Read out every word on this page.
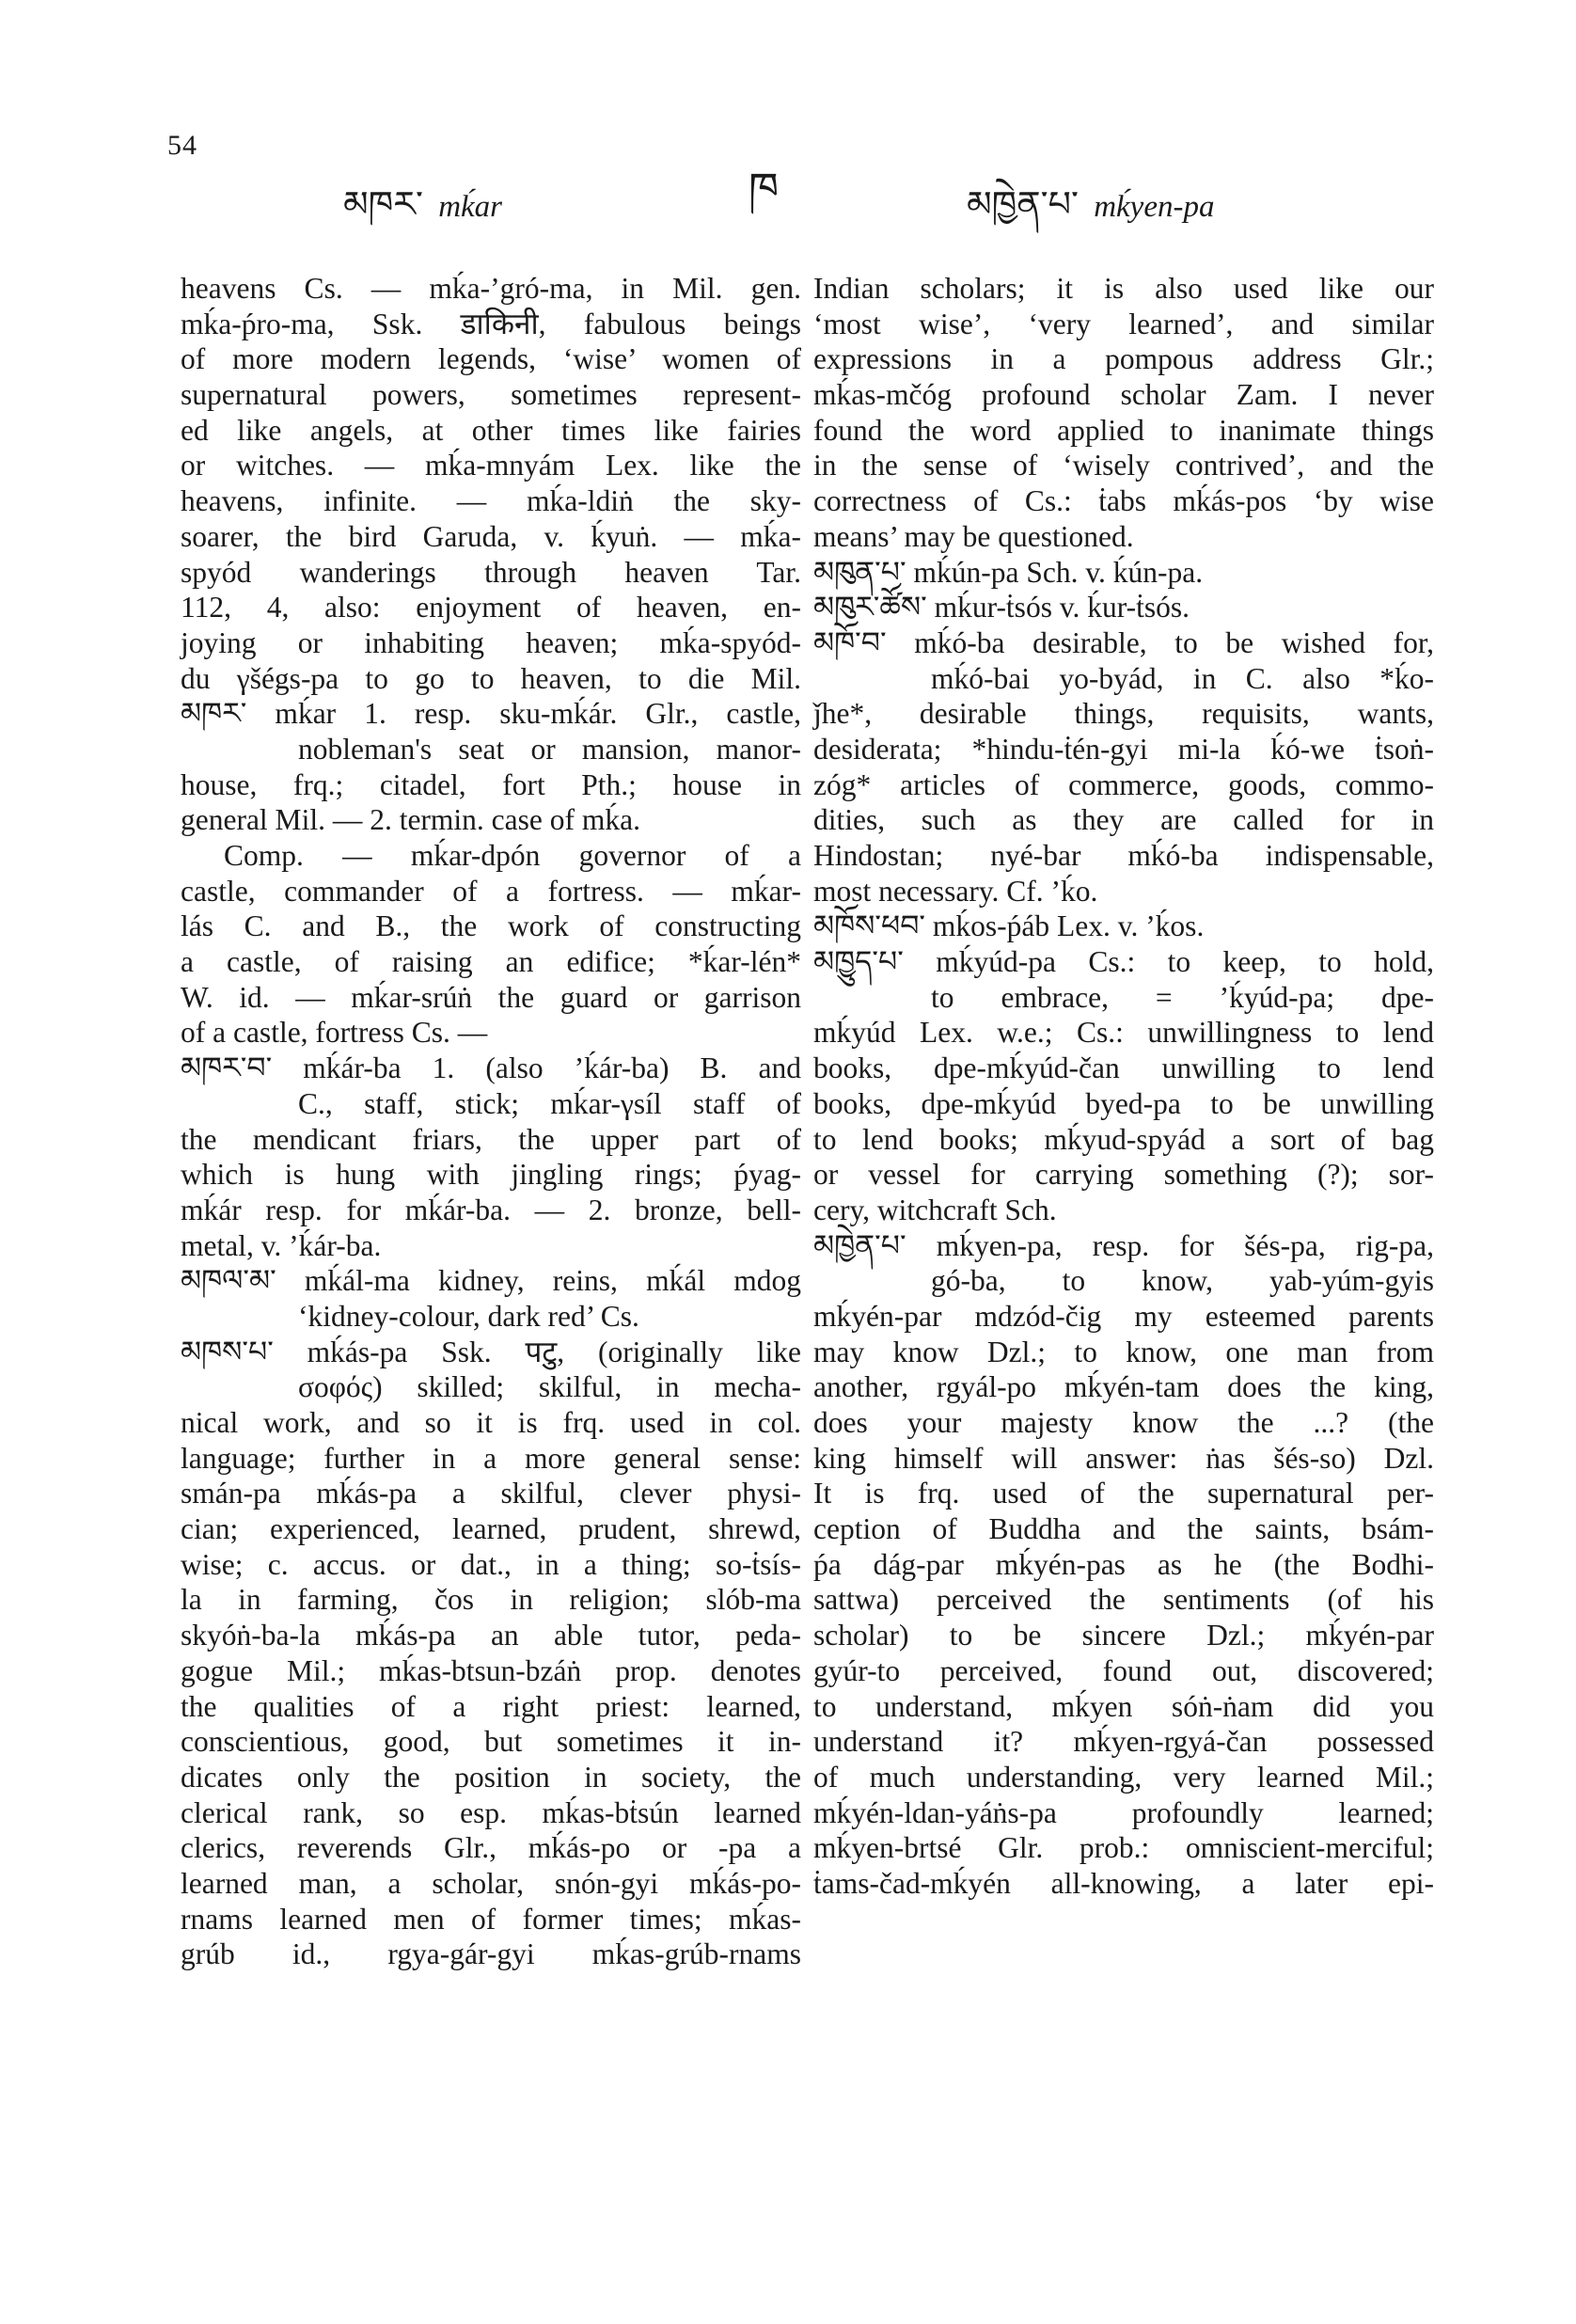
54
མཁར་ mḱar	ཁ	མཁྱེན་པ་ mḱyen-pa
heavens Cs. — mḱa-ʼgró-ma, in Mil. gen.
mḱa-ṕro-ma, Ssk. डाकिनी, fabulous beings
of more modern legends, ‘wise’ women of
supernatural powers, sometimes represent-
ed like angels, at other times like fairies
or witches. — mḱa-mnyám Lex. like the
heavens, infinite. — mḱa-ldiṅ the sky-
soarer, the bird Garuda, v. ḱyuṅ. — mḱa-
spyód wanderings through heaven Tar.
112, 4, also: enjoyment of heaven, en-
joying or inhabiting heaven; mḱa-spyód-
du γšégs-pa to go to heaven, to die Mil.
མཁར་ mḱar 1. resp. sku-mḱár. Glr., castle,
nobleman's seat or mansion, manor-
house, frq.; citadel, fort Pth.; house in
general Mil. — 2. termin. case of mḱa.
Comp. — mḱar-dpón governor of a
castle, commander of a fortress. — mḱar-
lás C. and B., the work of constructing
a castle, of raising an edifice; *ḱar-lén*
W. id. — mḱar-srúṅ the guard or garrison
of a castle, fortress Cs. —
མཁར་བ་ mḱár-ba 1. (also ʼḱár-ba) B. and
C., staff, stick; mḱar-γsíl staff of
the mendicant friars, the upper part of
which is hung with jingling rings; ṕyag-
mḱár resp. for mḱár-ba. — 2. bronze, bell-
metal, v. ʼḱár-ba.
མཁལ་མ་ mḱál-ma kidney, reins, mḱál mdog
‘kidney-colour, dark red’ Cs.
མཁས་པ་ mḱás-pa Ssk. पटु, (originally like
σοφός) skilled; skilful, in mecha-
nical work, and so it is frq. used in col.
language; further in a more general sense:
smán-pa mḱás-pa a skilful, clever physi-
cian; experienced, learned, prudent, shrewd,
wise; c. accus. or dat., in a thing; so-ṫsís-
la in farming, čos in religion; slób-ma
skyóṅ-ba-la mḱás-pa an able tutor, peda-
gogue Mil.; mḱas-btsun-bzáṅ prop. denotes
the qualities of a right priest: learned,
conscientious, good, but sometimes it in-
dicates only the position in society, the
clerical rank, so esp. mḱas-bṫsún learned
clerics, reverends Glr., mḱás-po or -pa a
learned man, a scholar, snón-gyi mḱás-po-
rnams learned men of former times; mḱas-
grúb id., rgya-gár-gyi mḱas-grúb-rnams
Indian scholars; it is also used like our
‘most wise’, ‘very learned’, and similar
expressions in a pompous address Glr.;
mḱas-mčóg profound scholar Zam. I never
found the word applied to inanimate things
in the sense of ‘wisely contrived’, and the
correctness of Cs.: ṫabs mḱás-pos ‘by wise
means’ may be questioned.
མཁུན་པ་ mḱún-pa Sch. v. ḱún-pa.
མཁུར་ཚོས་ mḱur-ṫsós v. ḱur-ṫsós.
མཁོ་བ་ mḱó-ba desirable, to be wished for,
mḱó-bai yo-byád, in C. also *ḱo-
ǰhe*, desirable things, requisits, wants,
desiderata; *hindu-ṫén-gyi mi-la ḱó-we ṫsoṅ-
zóg* articles of commerce, goods, commo-
dities, such as they are called for in
Hindostan; nyé-bar mḱó-ba indispensable,
most necessary. Cf. ʼḱo.
མཁོས་ཕབ་ mḱos-ṕáb Lex. v. ʼḱos.
མཁྱུད་པ་ mḱyúd-pa Cs.: to keep, to hold,
to embrace, = ʼḱyúd-pa; dpe-
mḱyúd Lex. w.e.; Cs.: unwillingness to lend
books, dpe-mḱyúd-čan unwilling to lend
books, dpe-mḱyúd byed-pa to be unwilling
to lend books; mḱyud-spyád a sort of bag
or vessel for carrying something (?); sor-
cery, witchcraft Sch.
མཁྱེན་པ་ mḱyen-pa, resp. for šés-pa, rig-pa,
gó-ba, to know, yab-yúm-gyis
mḱyén-par mdzód-čig my esteemed parents
may know Dzl.; to know, one man from
another, rgyál-po mḱyén-tam does the king,
does your majesty know the ...? (the
king himself will answer: ṅas šés-so) Dzl.
It is frq. used of the supernatural per-
ception of Buddha and the saints, bsám-
ṕa dág-par mḱyén-pas as he (the Bodhi-
sattwa) perceived the sentiments (of his
scholar) to be sincere Dzl.; mḱyén-par
gyúr-to perceived, found out, discovered;
to understand, mḱyen sóṅ-ṅam did you
understand it? mḱyen-rgyá-čan possessed
of much understanding, very learned Mil.;
mḱyén-ldan-yáṅs-pa profoundly learned;
mḱyen-brtsé Glr. prob.: omniscient-merciful;
ṫams-čad-mḱyén all-knowing, a later epi-
